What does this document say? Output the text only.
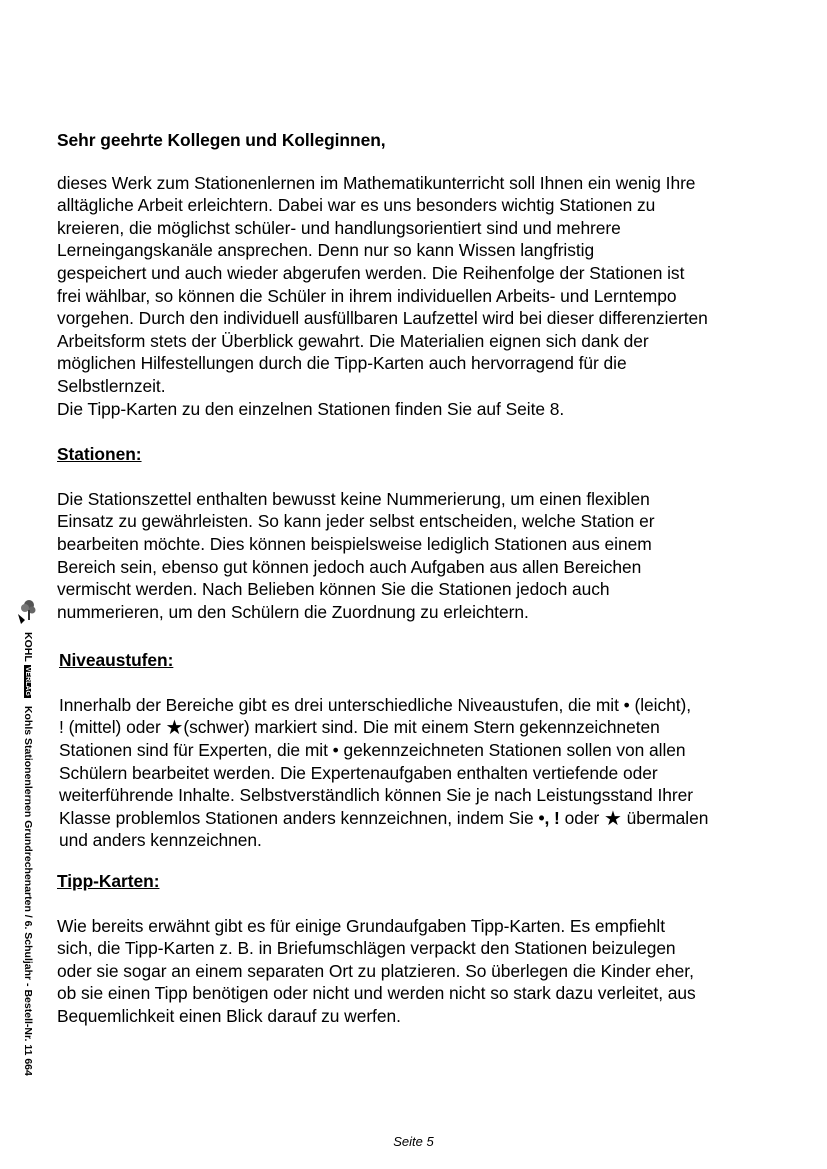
Sehr geehrte Kollegen und Kolleginnen,

dieses Werk zum Stationenlernen im Mathematikunterricht soll Ihnen ein wenig Ihre
alltägliche Arbeit erleichtern. Dabei war es uns besonders wichtig Stationen zu
kreieren, die möglichst schüler- und handlungsorientiert sind und mehrere
Lerneingangskanäle ansprechen. Denn nur so kann Wissen langfristig
gespeichert und auch wieder abgerufen werden. Die Reihenfolge der Stationen ist
frei wählbar, so können die Schüler in ihrem individuellen Arbeits- und Lerntempo
vorgehen. Durch den individuell ausfüllbaren Laufzettel wird bei dieser differenzierten
Arbeitsform stets der Überblick gewahrt. Die Materialien eignen sich dank der
möglichen Hilfestellungen durch die Tipp-Karten auch hervorragend für die
Selbstlernzeit.
Die Tipp-Karten zu den einzelnen Stationen finden Sie auf Seite 8.

Stationen:

Die Stationszettel enthalten bewusst keine Nummerierung, um einen flexiblen
Einsatz zu gewährleisten. So kann jeder selbst entscheiden, welche Station er
bearbeiten möchte. Dies können beispielsweise lediglich Stationen aus einem
Bereich sein, ebenso gut können jedoch auch Aufgaben aus allen Bereichen
vermischt werden. Nach Belieben können Sie die Stationen jedoch auch
nummerieren, um den Schülern die Zuordnung zu erleichtern.

Niveaustufen:

Innerhalb der Bereiche gibt es drei unterschiedliche Niveaustufen, die mit • (leicht),
! (mittel) oder ★(schwer) markiert sind. Die mit einem Stern gekennzeichneten
Stationen sind für Experten, die mit • gekennzeichneten Stationen sollen von allen
Schülern bearbeitet werden. Die Expertenaufgaben enthalten vertiefende oder
weiterführende Inhalte. Selbstverständlich können Sie je nach Leistungsstand Ihrer
Klasse problemlos Stationen anders kennzeichnen, indem Sie •, ! oder ★ übermalen
und anders kennzeichnen.

Tipp-Karten:

Wie bereits erwähnt gibt es für einige Grundaufgaben Tipp-Karten. Es empfiehlt
sich, die Tipp-Karten z. B. in Briefumschlägen verpackt den Stationen beizulegen
oder sie sogar an einem separaten Ort zu platzieren. So überlegen die Kinder eher,
ob sie einen Tipp benötigen oder nicht und werden nicht so stark dazu verleitet, aus
Bequemlichkeit einen Blick darauf zu werfen.
KOHLVERLAGKohls Stationenlernen Grundrechenarten / 6. Schuljahr - Bestell-Nr. 11 664
Seite 5
